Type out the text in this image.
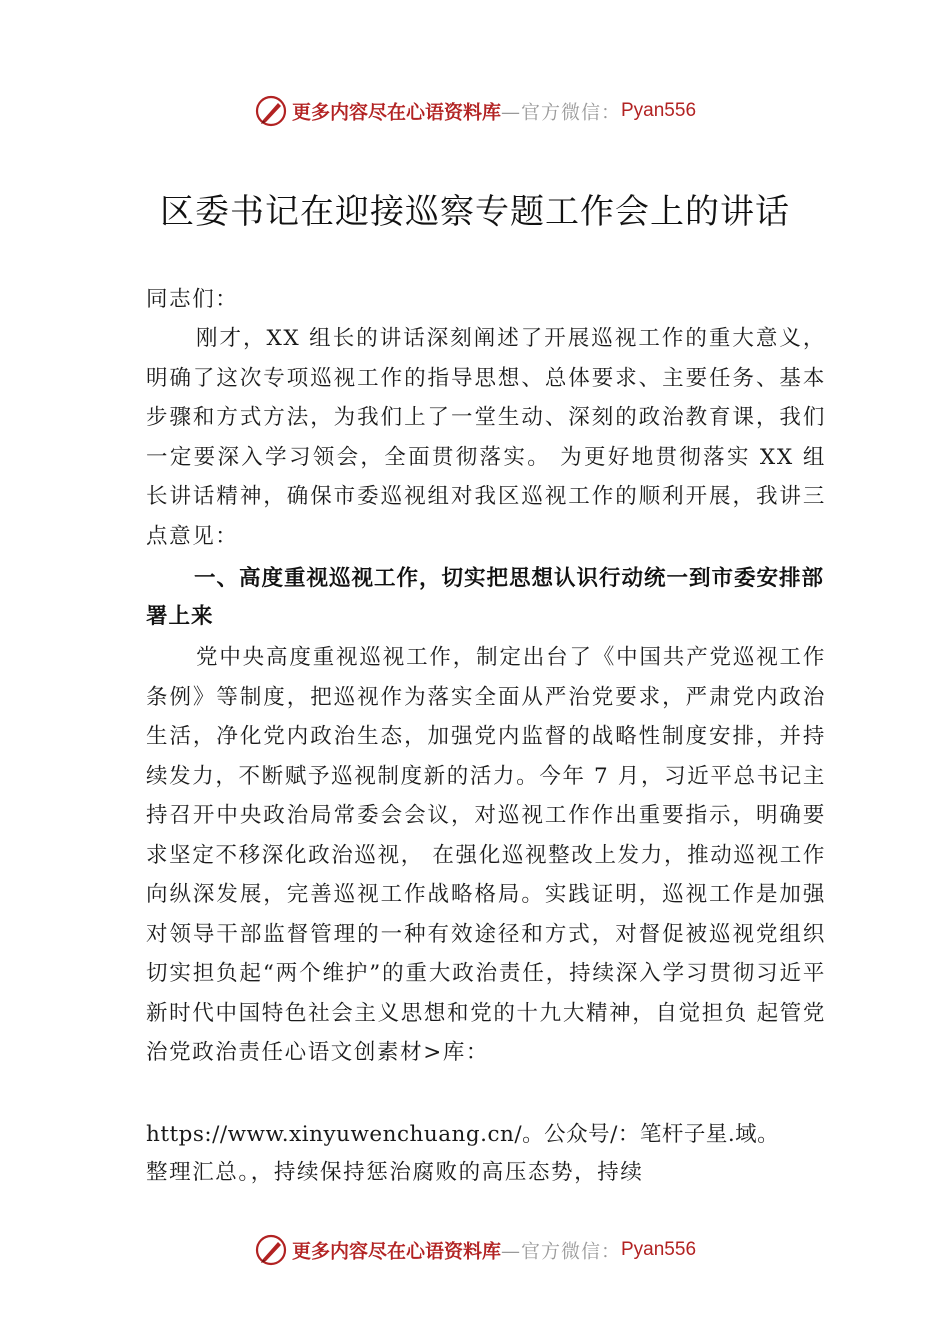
更多内容尽在心语资料库—官方微信：Pyan556
区委书记在迎接巡察专题工作会上的讲话
同志们：
刚才，XX 组长的讲话深刻阐述了开展巡视工作的重大意义，明确了这次专项巡视工作的指导思想、总体要求、主要任务、基本步骤和方式方法，为我们上了一堂生动、深刻的政治教育课，我们一定要深入学习领会，全面贯彻落实。 为更好地贯彻落实 XX 组长讲话精神，确保市委巡视组对我区巡视工作的顺利开展，我讲三点意见：
一、高度重视巡视工作，切实把思想认识行动统一到市委安排部署上来
党中央高度重视巡视工作，制定出台了《中国共产党巡视工作条例》等制度，把巡视作为落实全面从严治党要求，严肃党内政治生活，净化党内政治生态，加强党内监督的战略性制度安排，并持续发力，不断赋予巡视制度新的活力。今年 7 月，习近平总书记主持召开中央政治局常委会会议，对巡视工作作出重要指示，明确要求坚定不移深化政治巡视， 在强化巡视整改上发力，推动巡视工作向纵深发展，完善巡视工作战略格局。实践证明，巡视工作是加强对领导干部监督管理的一种有效途径和方式，对督促被巡视党组织切实担负起“两个维护”的重大政治责任，持续深入学习贯彻习近平 新时代中国特色社会主义思想和党的十九大精神，自觉担负 起管党治党政治责任心语文创素材>库：
https://www.xinyuwenchuang.cn/。公众号/：笔杆子星.域。
整理汇总。，持续保持惩治腐败的高压态势，持续
更多内容尽在心语资料库—官方微信：Pyan556
